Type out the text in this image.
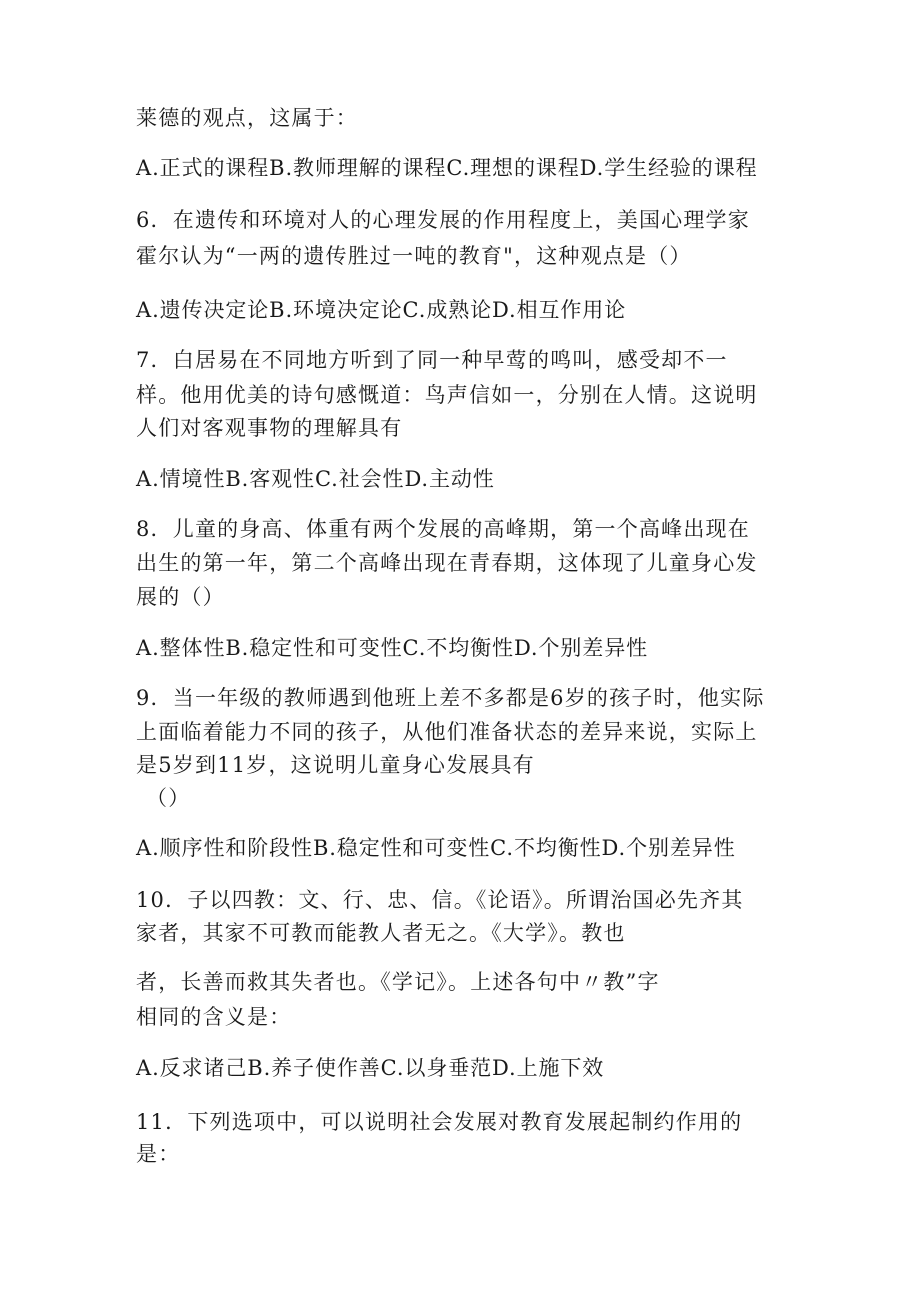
莱德的观点，这属于：
A.正式的课程B.教师理解的课程C.理想的课程D.学生经验的课程
6．在遗传和环境对人的心理发展的作用程度上，美国心理学家
霍尔认为“一两的遗传胜过一吨的教育"，这种观点是（）
A.遗传决定论B.环境决定论C.成熟论D.相互作用论
7．白居易在不同地方听到了同一种早莺的鸣叫，感受却不一
样。他用优美的诗句感慨道：鸟声信如一，分别在人情。这说明
人们对客观事物的理解具有
A.情境性B.客观性C.社会性D.主动性
8．儿童的身高、体重有两个发展的高峰期，第一个高峰出现在
出生的第一年，第二个高峰出现在青春期，这体现了儿童身心发
展的（）
A.整体性B.稳定性和可变性C.不均衡性D.个别差异性
9．当一年级的教师遇到他班上差不多都是6岁的孩子时，他实际
上面临着能力不同的孩子，从他们准备状态的差异来说，实际上
是5岁到11岁，这说明儿童身心发展具有
（）
A.顺序性和阶段性B.稳定性和可变性C.不均衡性D.个别差异性
10．子以四教：文、行、忠、信。《论语》。所谓治国必先齐其
家者，其家不可教而能教人者无之。《大学》。教也
者，长善而救其失者也。《学记》。上述各句中〃教”字
相同的含义是：
A.反求诸己B.养子使作善C.以身垂范D.上施下效
11．下列选项中，可以说明社会发展对教育发展起制约作用的
是：
